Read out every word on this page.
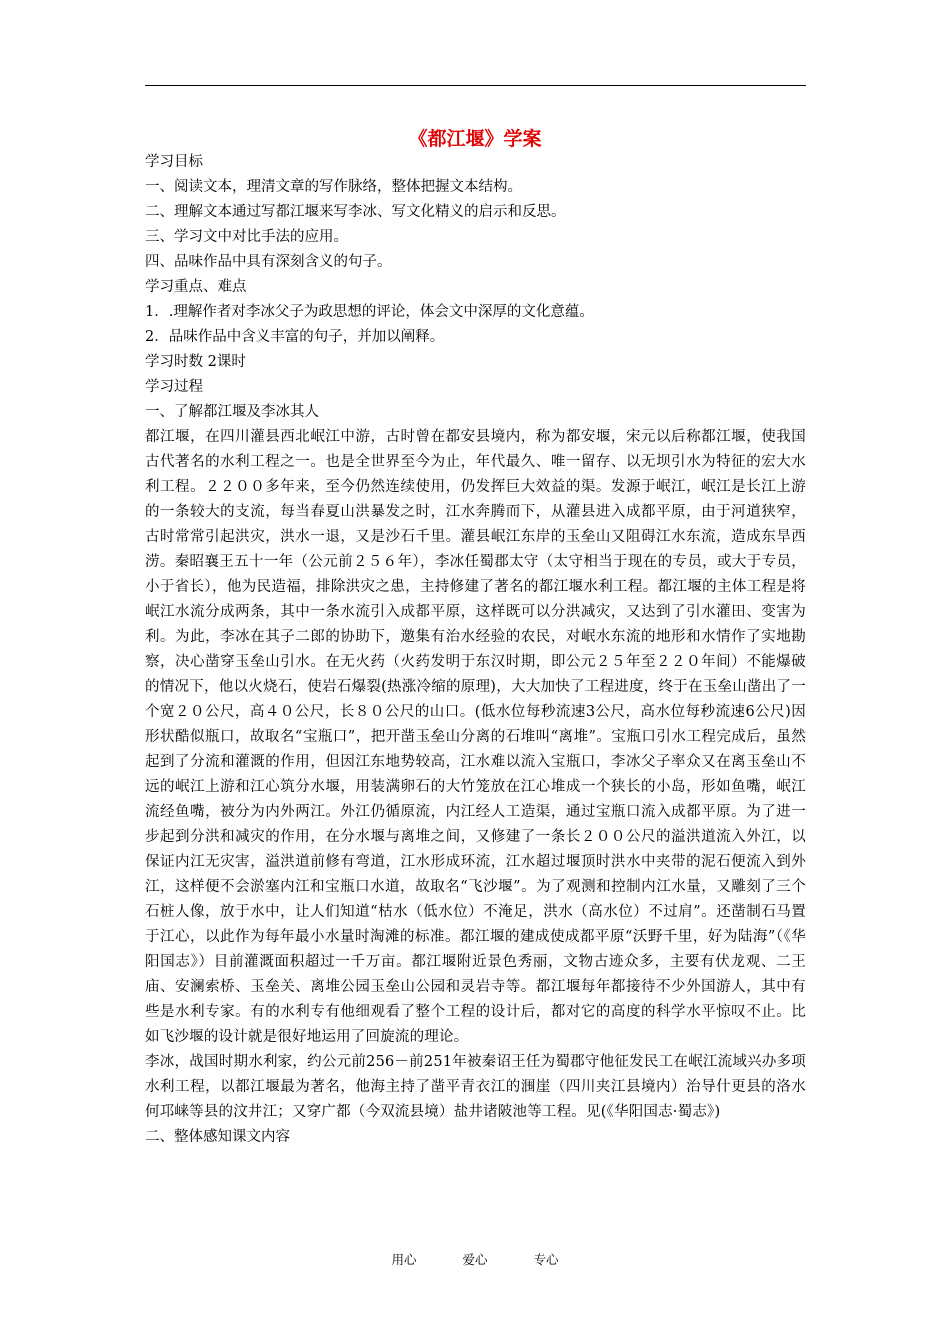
《都江堰》学案
学习目标
一、阅读文本，理清文章的写作脉络，整体把握文本结构。
二、理解文本通过写都江堰来写李冰、写文化精义的启示和反思。
三、学习文中对比手法的应用。
四、品味作品中具有深刻含义的句子。
学习重点、难点
1．.理解作者对李冰父子为政思想的评论，体会文中深厚的文化意蕴。
2．品味作品中含义丰富的句子，并加以阐释。
学习时数 2课时
学习过程
一、了解都江堰及李冰其人
都江堰，在四川灌县西北岷江中游，古时曾在都安县境内，称为都安堰，宋元以后称都江堰，使我国古代著名的水利工程之一。也是全世界至今为止，年代最久、唯一留存、以无坝引水为特征的宏大水利工程。２２００多年来，至今仍然连续使用，仍发挥巨大效益的渠。发源于岷江，岷江是长江上游的一条较大的支流，每当春夏山洪暴发之时，江水奔腾而下，从灌县进入成都平原，由于河道狭窄，古时常常引起洪灾，洪水一退，又是沙石千里。灌县岷江东岸的玉垒山又阻碍江水东流，造成东旱西涝。秦昭襄王五十一年（公元前２５６年），李冰任蜀郡太守（太守相当于现在的专员，或大于专员，小于省长），他为民造福，排除洪灾之患，主持修建了著名的都江堰水利工程。都江堰的主体工程是将岷江水流分成两条，其中一条水流引入成都平原，这样既可以分洪减灾，又达到了引水灌田、变害为利。为此，李冰在其子二郎的协助下，邀集有治水经验的农民，对岷水东流的地形和水情作了实地勘察，决心凿穿玉垒山引水。在无火药（火药发明于东汉时期，即公元２５年至２２０年间）不能爆破的情况下，他以火烧石，使岩石爆裂(热涨冷缩的原理)，大大加快了工程进度，终于在玉垒山凿出了一个宽２０公尺，高４０公尺，长８０公尺的山口。(低水位每秒流速3公尺，高水位每秒流速6公尺)因形状酷似瓶口，故取名“宝瓶口”，把开凿玉垒山分离的石堆叫“离堆”。宝瓶口引水工程完成后，虽然起到了分流和灌溉的作用，但因江东地势较高，江水难以流入宝瓶口，李冰父子率众又在离玉垒山不远的岷江上游和江心筑分水堰，用装满卵石的大竹笼放在江心堆成一个狭长的小岛，形如鱼嘴，岷江流经鱼嘴，被分为内外两江。外江仍循原流，内江经人工造渠，通过宝瓶口流入成都平原。为了进一步起到分洪和减灾的作用，在分水堰与离堆之间，又修建了一条长２００公尺的溢洪道流入外江，以保证内江无灾害，溢洪道前修有弯道，江水形成环流，江水超过堰顶时洪水中夹带的泥石便流入到外江，这样便不会淤塞内江和宝瓶口水道，故取名“飞沙堰”。为了观测和控制内江水量，又雕刻了三个石桩人像，放于水中，让人们知道“枯水（低水位）不淹足，洪水（高水位）不过肩”。还凿制石马置于江心，以此作为每年最小水量时淘滩的标准。都江堰的建成使成都平原“沃野千里，好为陆海”（《华阳国志》）目前灌溉面积超过一千万亩。都江堰附近景色秀丽，文物古迹众多，主要有伏龙观、二王庙、安澜索桥、玉垒关、离堆公园玉垒山公园和灵岩寺等。都江堰每年都接待不少外国游人，其中有些是水利专家。有的水利专有他细观看了整个工程的设计后，都对它的高度的科学水平惊叹不止。比如飞沙堰的设计就是很好地运用了回旋流的理论。
李冰，战国时期水利家，约公元前256－前251年被秦诏王任为蜀郡守他征发民工在岷江流域兴办多项水利工程，以都江堰最为著名，他海主持了凿平青衣江的涠崖（四川夹江县境内）治导什更县的洛水何邛崃等县的汶井江；又穿广都（今双流县境）盐井诸陂池等工程。见(《华阳国志·蜀志》)
二、整体感知课文内容
用心	爱心	专心
